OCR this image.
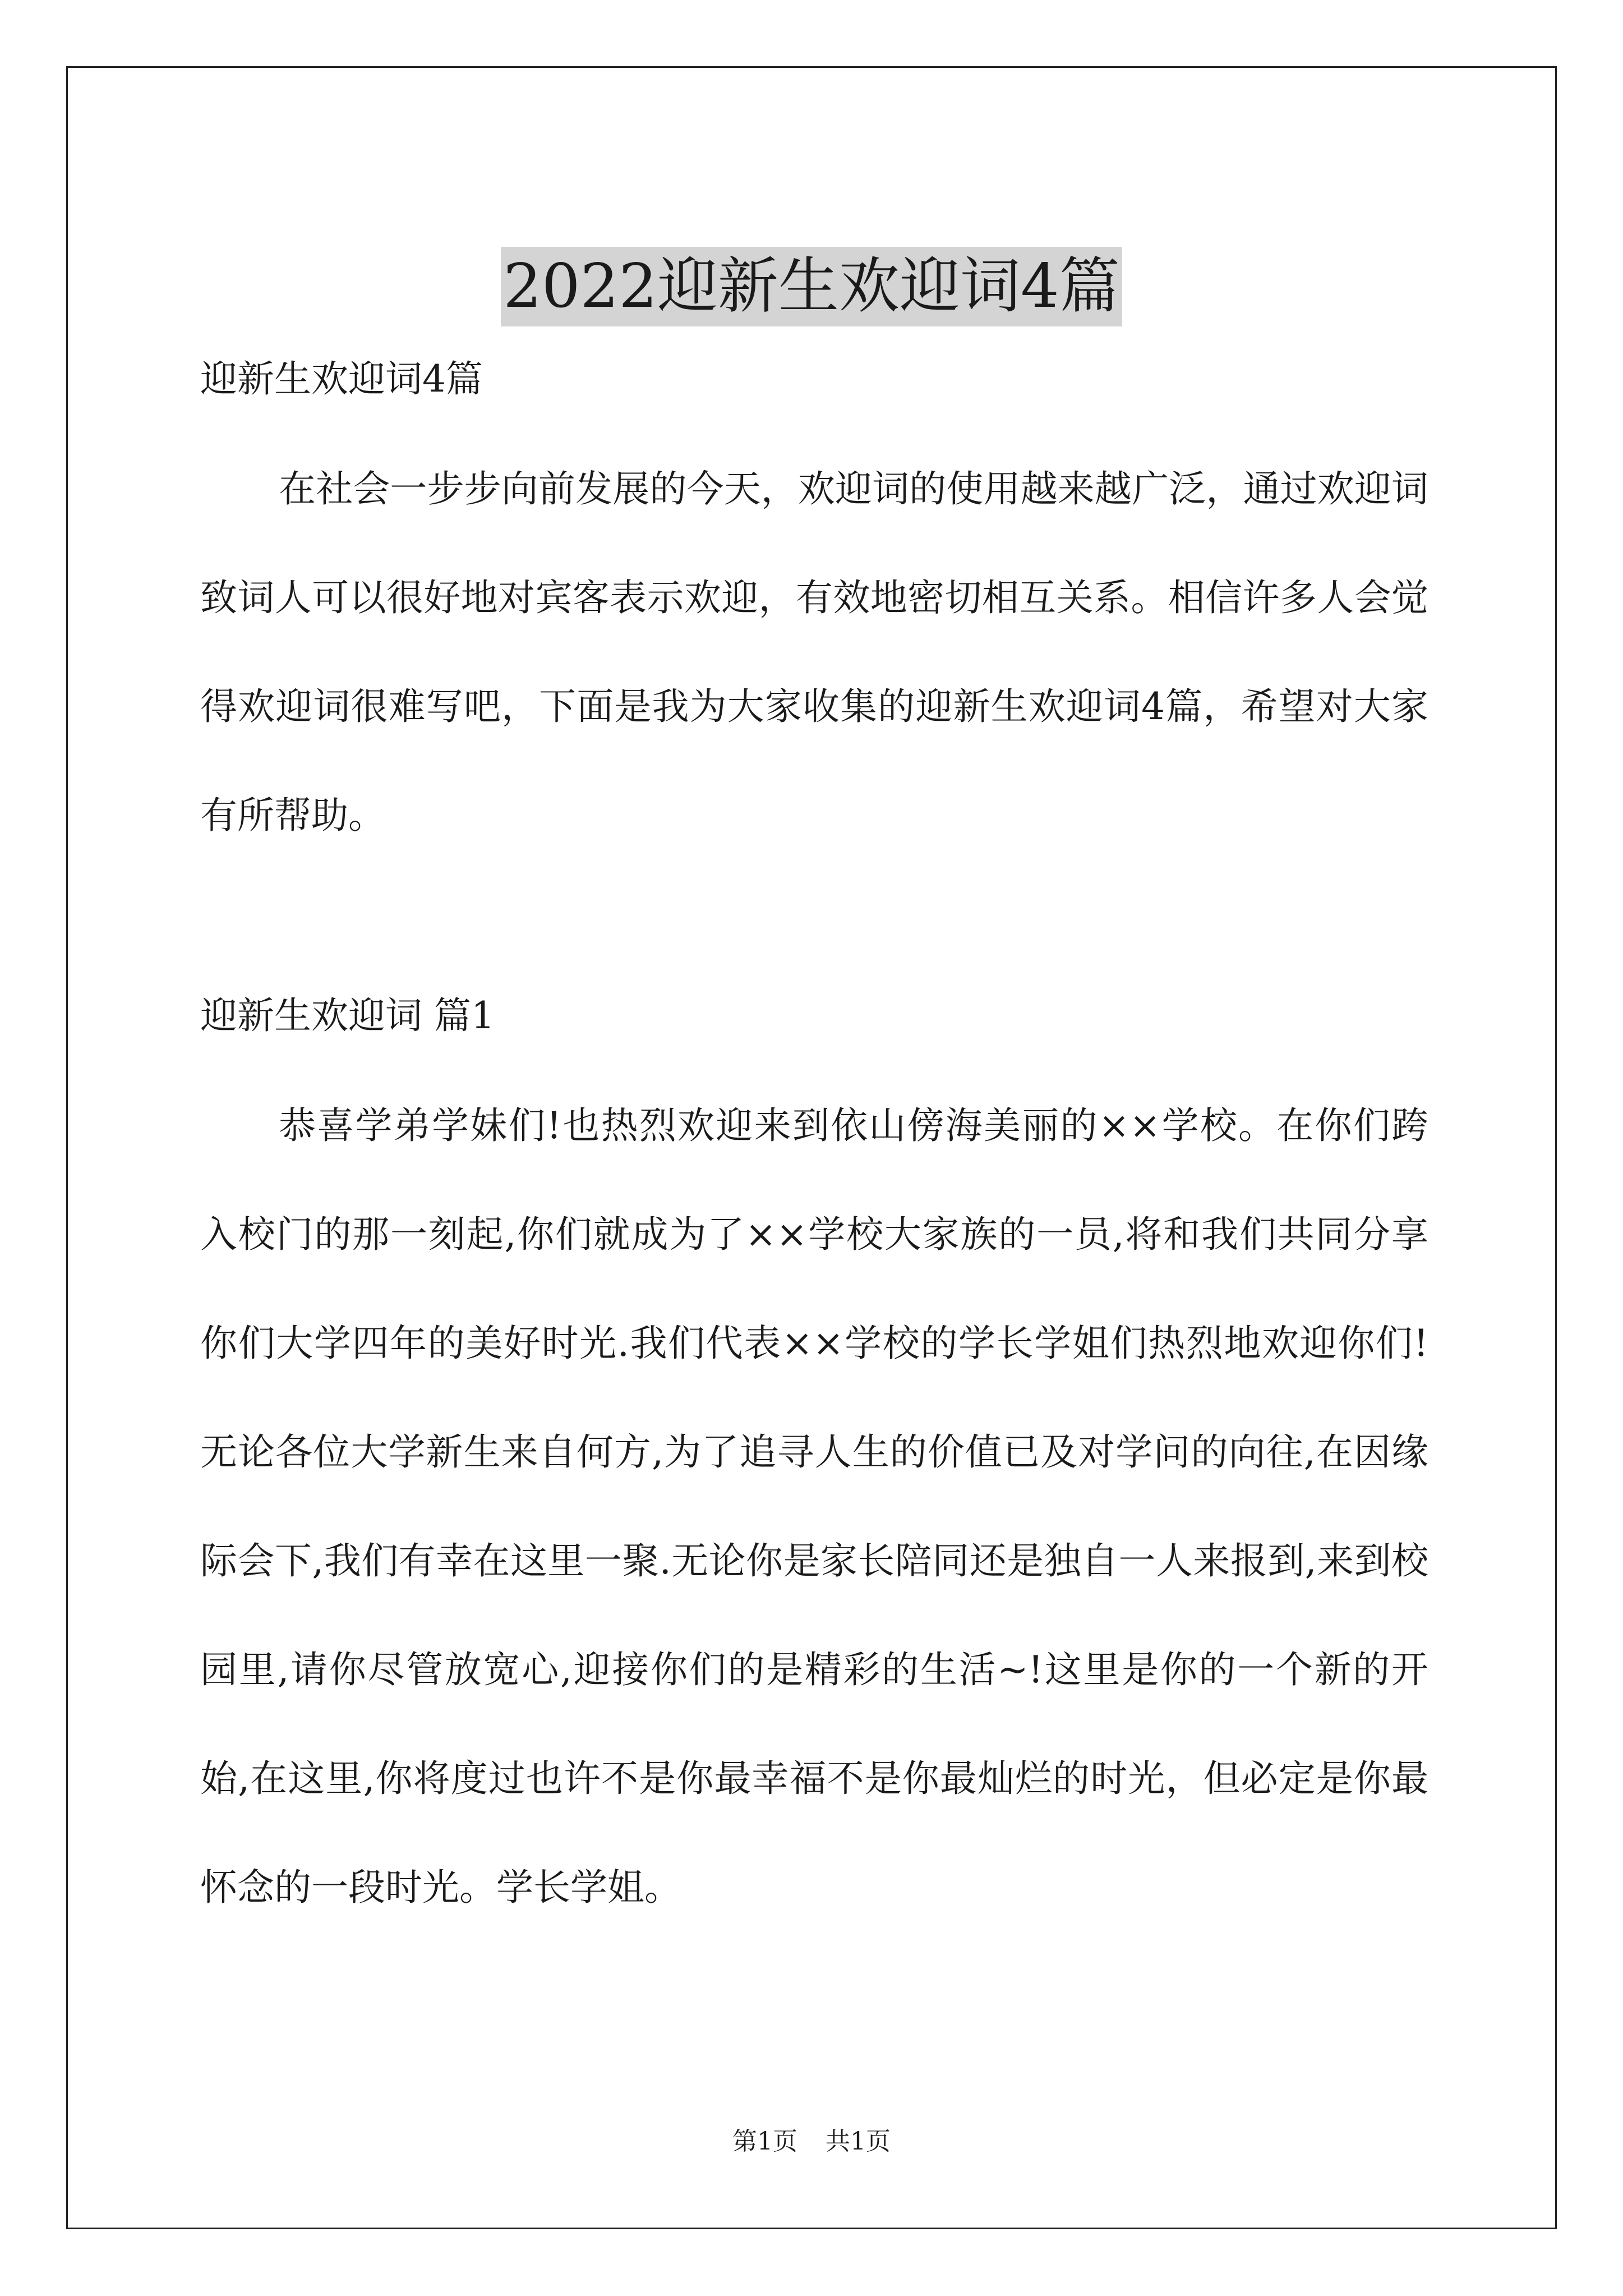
2022迎新生欢迎词4篇

迎新生欢迎词4篇

在社会一步步向前发展的今天，欢迎词的使用越来越广泛，通过欢迎词致词人可以很好地对宾客表示欢迎，有效地密切相互关系。相信许多人会觉得欢迎词很难写吧，下面是我为大家收集的迎新生欢迎词4篇，希望对大家有所帮助。

迎新生欢迎词 篇1

恭喜学弟学妹们!也热烈欢迎来到依山傍海美丽的××学校。在你们跨入校门的那一刻起,你们就成为了××学校大家族的一员,将和我们共同分享你们大学四年的美好时光.我们代表××学校的学长学姐们热烈地欢迎你们!无论各位大学新生来自何方,为了追寻人生的价值已及对学问的向往,在因缘际会下,我们有幸在这里一聚.无论你是家长陪同还是独自一人来报到,来到校园里,请你尽管放宽心,迎接你们的是精彩的生活~!这里是你的一个新的开始,在这里,你将度过也许不是你最幸福不是你最灿烂的时光，但必定是你最怀念的一段时光。学长学姐。

第1页 共1页
